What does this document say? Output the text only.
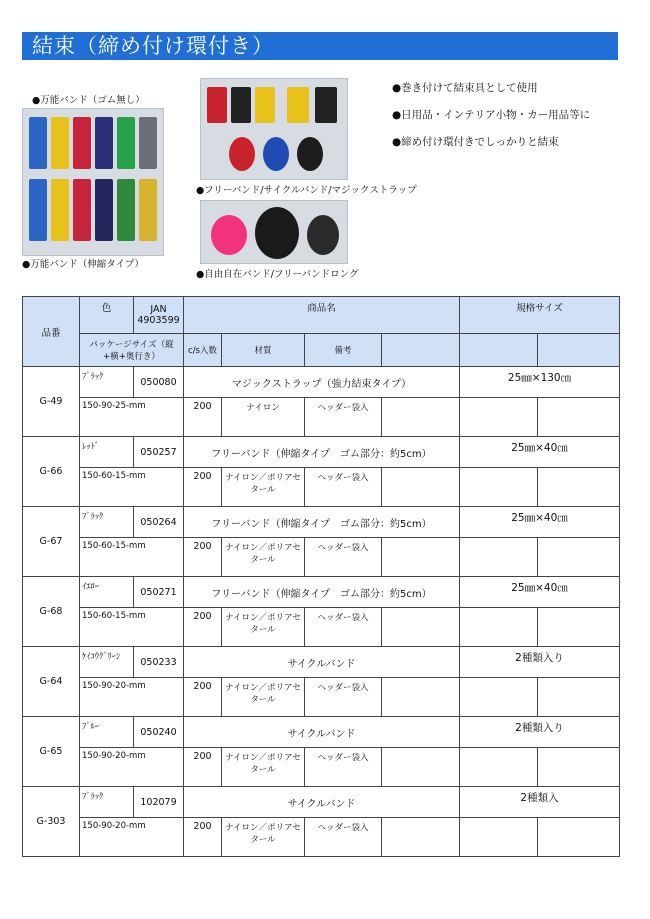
結束（締め付け環付き）
●万能バンド（ゴム無し）
●万能バンド（伸縮タイプ）
●フリーバンド/サイクルバンド/マジックストラップ
●自由自在バンド/フリーバンドロング
●巻き付けて結束具として使用
●日用品・インテリア小物・カー用品等に
●締め付け環付きでしっかりと結束
品番	色	JAN 4903599	商品名				規格サイズ	
	パッケージサイズ（縦+横+奥行き）		c/s入数	材質	備考			
G-49	ﾌﾞﾗｯｸ	050080	マジックストラップ（強力結束タイプ）				25㎜×130㎝	
	150-90-25-mm		200	ナイロン	ヘッダー袋入			
G-66	ﾚｯﾄﾞ	050257	フリーバンド（伸縮タイプ　ゴム部分：約5cm）				25㎜×40㎝	
	150-60-15-mm		200	ナイロン／ポリアセタール	ヘッダー袋入			
G-67	ﾌﾞﾗｯｸ	050264	フリーバンド（伸縮タイプ　ゴム部分：約5cm）				25㎜×40㎝	
	150-60-15-mm		200	ナイロン／ポリアセタール	ヘッダー袋入			
G-68	ｲｴﾛｰ	050271	フリーバンド（伸縮タイプ　ゴム部分：約5cm）				25㎜×40㎝	
	150-60-15-mm		200	ナイロン／ポリアセタール	ヘッダー袋入			
G-64	ｹｲｺｳｸﾞﾘｰﾝ	050233	サイクルバンド				2種類入り	
	150-90-20-mm		200	ナイロン／ポリアセタール	ヘッダー袋入			
G-65	ﾌﾞﾙｰ	050240	サイクルバンド				2種類入り	
	150-90-20-mm		200	ナイロン／ポリアセタール	ヘッダー袋入			
G-303	ﾌﾞﾗｯｸ	102079	サイクルバンド				2種類入	
	150-90-20-mm		200	ナイロン／ポリアセタール	ヘッダー袋入			
